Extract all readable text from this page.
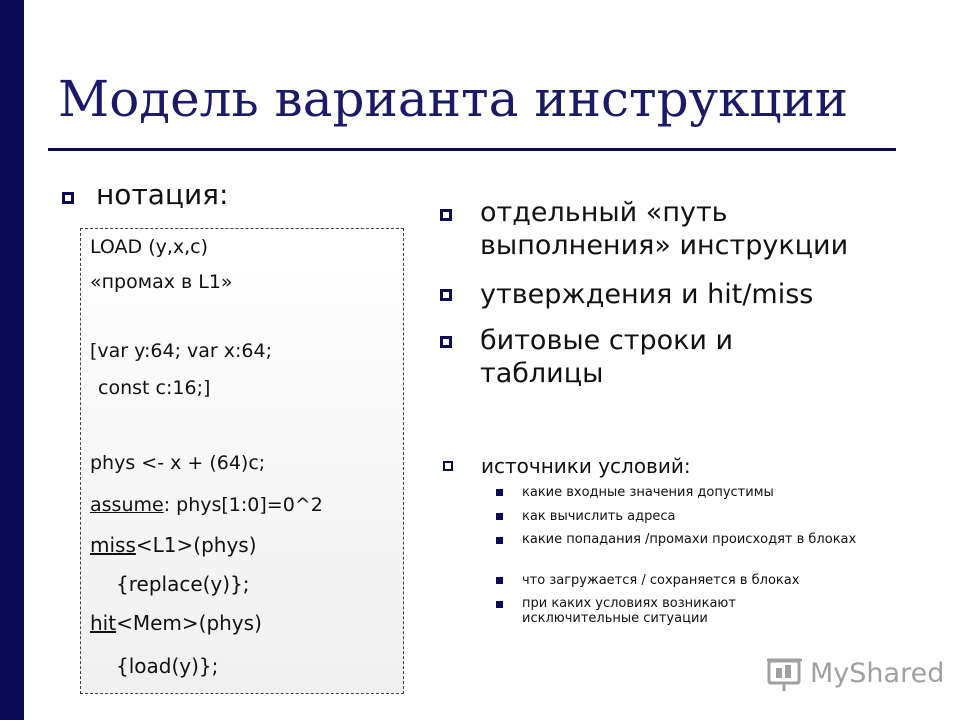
Модель варианта инструкции
нотация:
LOAD (y,x,c)
«промах в L1»
[var y:64; var x:64;
const c:16;]
phys <- x + (64)c;
assume: phys[1:0]=0^2
miss<L1>(phys)
{replace(y)};
hit<Mem>(phys)
{load(y)};
отдельный «путь выполнения» инструкции
утверждения и hit/miss
битовые строки и таблицы
источники условий:
какие входные значения допустимы
как вычислить адреса
какие попадания /промахи происходят в блоках
что загружается / сохраняется в блоках
при каких условиях возникают исключительные ситуации
MyShared
